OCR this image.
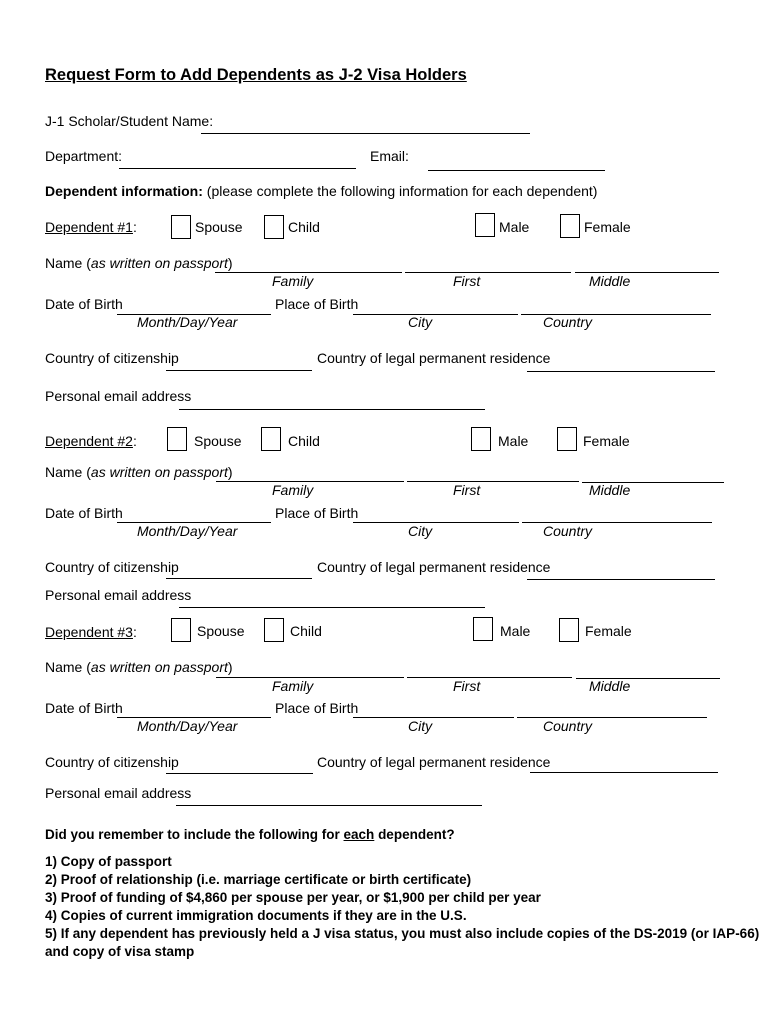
Request Form to Add Dependents as J-2 Visa Holders
J-1 Scholar/Student Name:
Department:	Email:
Dependent information: (please complete the following information for each dependent)
Dependent #1:	Spouse	Child	Male	Female
Name (as written on passport)
Family	First	Middle
Date of Birth	Place of Birth
Month/Day/Year	City	Country
Country of citizenship	Country of legal permanent residence
Personal email address
Dependent #2:	Spouse	Child	Male	Female
Name (as written on passport)
Family	First	Middle
Date of Birth	Place of Birth
Month/Day/Year	City	Country
Country of citizenship	Country of legal permanent residence
Personal email address
Dependent #3:	Spouse	Child	Male	Female
Name (as written on passport)
Family	First	Middle
Date of Birth	Place of Birth
Month/Day/Year	City	Country
Country of citizenship	Country of legal permanent residence
Personal email address
Did you remember to include the following for each dependent?
1) Copy of passport
2) Proof of relationship (i.e. marriage certificate or birth certificate)
3) Proof of funding of $4,860 per spouse per year, or $1,900 per child per year
4) Copies of current immigration documents if they are in the U.S.
5) If any dependent has previously held a J visa status, you must also include copies of the DS-2019 (or IAP-66)
and copy of visa stamp
